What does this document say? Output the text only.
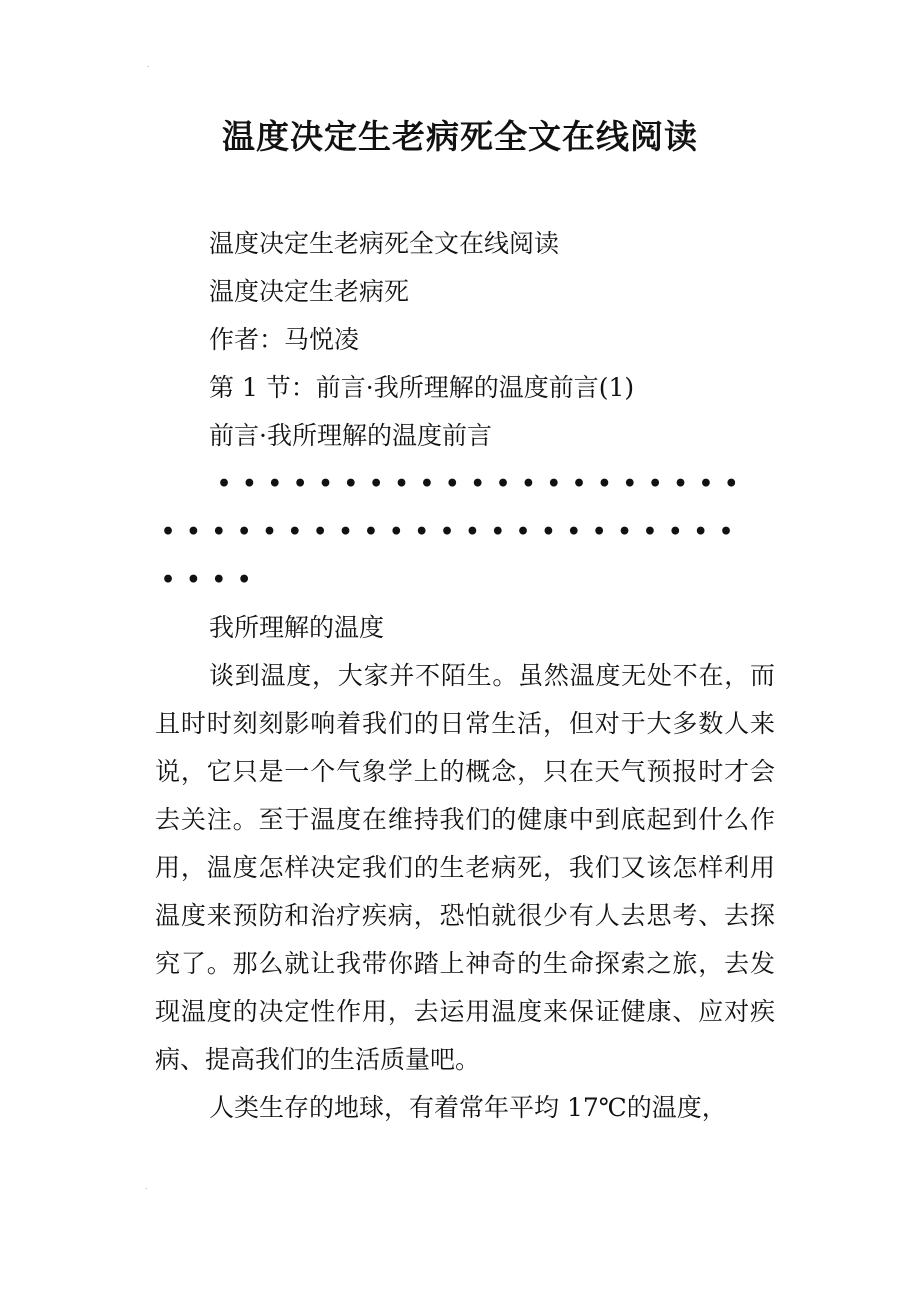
˙
˙
温度决定生老病死全文在线阅读
温度决定生老病死全文在线阅读
温度决定生老病死
作者：马悦凌
第 1 节：前言·我所理解的温度前言(1)
前言·我所理解的温度前言
•••••••••••••••••••••
•••••••••••••••••••••••
••••
我所理解的温度

谈到温度，大家并不陌生。虽然温度无处不在，而且时时刻刻影响着我们的日常生活，但对于大多数人来说，它只是一个气象学上的概念，只在天气预报时才会去关注。至于温度在维持我们的健康中到底起到什么作用，温度怎样决定我们的生老病死，我们又该怎样利用温度来预防和治疗疾病，恐怕就很少有人去思考、去探究了。那么就让我带你踏上神奇的生命探索之旅，去发现温度的决定性作用，去运用温度来保证健康、应对疾病、提高我们的生活质量吧。

人类生存的地球，有着常年平均 17℃的温度，
